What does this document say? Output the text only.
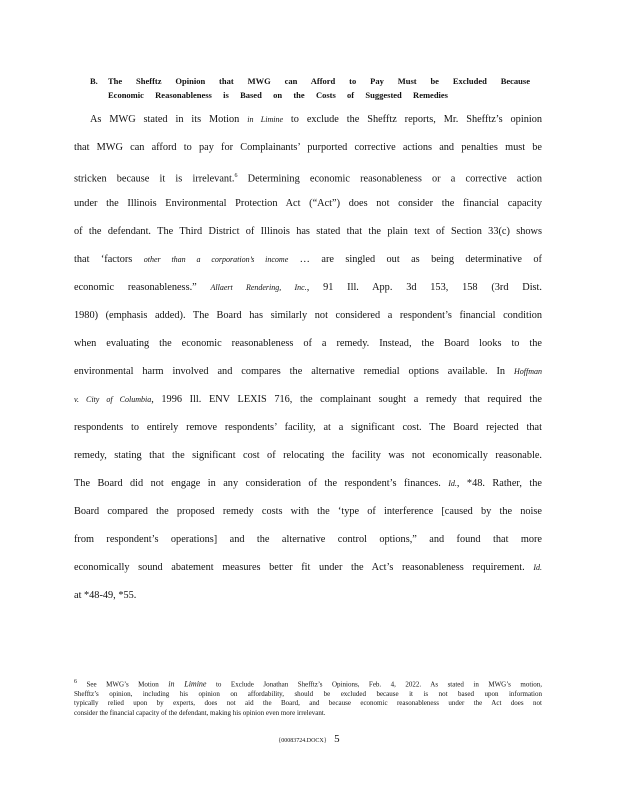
B. The Shefftz Opinion that MWG can Afford to Pay Must be Excluded Because
Economic Reasonableness is Based on the Costs of Suggested Remedies
As MWG stated in its Motion in Limine to exclude the Shefftz reports, Mr. Shefftz’s opinion
that MWG can afford to pay for Complainants’ purported corrective actions and penalties must be
stricken because it is irrelevant.$^6$ Determining economic reasonableness or a corrective action
under the Illinois Environmental Protection Act (“Act”) does not consider the financial capacity
of the defendant. The Third District of Illinois has stated that the plain text of Section 33(c) shows
that ‘factors other than a corporation’s income … are singled out as being determinative of
economic reasonableness.” Allaert Rendering, Inc., 91 Ill. App. 3d 153, 158 (3rd Dist.
1980) (emphasis added). The Board has similarly not considered a respondent’s financial condition
when evaluating the economic reasonableness of a remedy. Instead, the Board looks to the
environmental harm involved and compares the alternative remedial options available. In Hoffman
v. City of Columbia, 1996 Ill. ENV LEXIS 716, the complainant sought a remedy that required the
respondents to entirely remove respondents’ facility, at a significant cost. The Board rejected that
remedy, stating that the significant cost of relocating the facility was not economically reasonable.
The Board did not engage in any consideration of the respondent’s finances. Id., *48. Rather, the
Board compared the proposed remedy costs with the ‘type of interference [caused by the noise
from respondent’s operations] and the alternative control options,” and found that more
economically sound abatement measures better fit under the Act’s reasonableness requirement. Id.
at *48-49, *55.
6 See MWG’s Motion in Limine to Exclude Jonathan Shefftz’s Opinions, Feb. 4, 2022. As stated in MWG’s motion,
Shefftz’s opinion, including his opinion on affordability, should be excluded because it is not based upon information
typically relied upon by experts, does not aid the Board, and because economic reasonableness under the Act does not
consider the financial capacity of the defendant, making his opinion even more irrelevant.
{00083724.DOCX} 5
